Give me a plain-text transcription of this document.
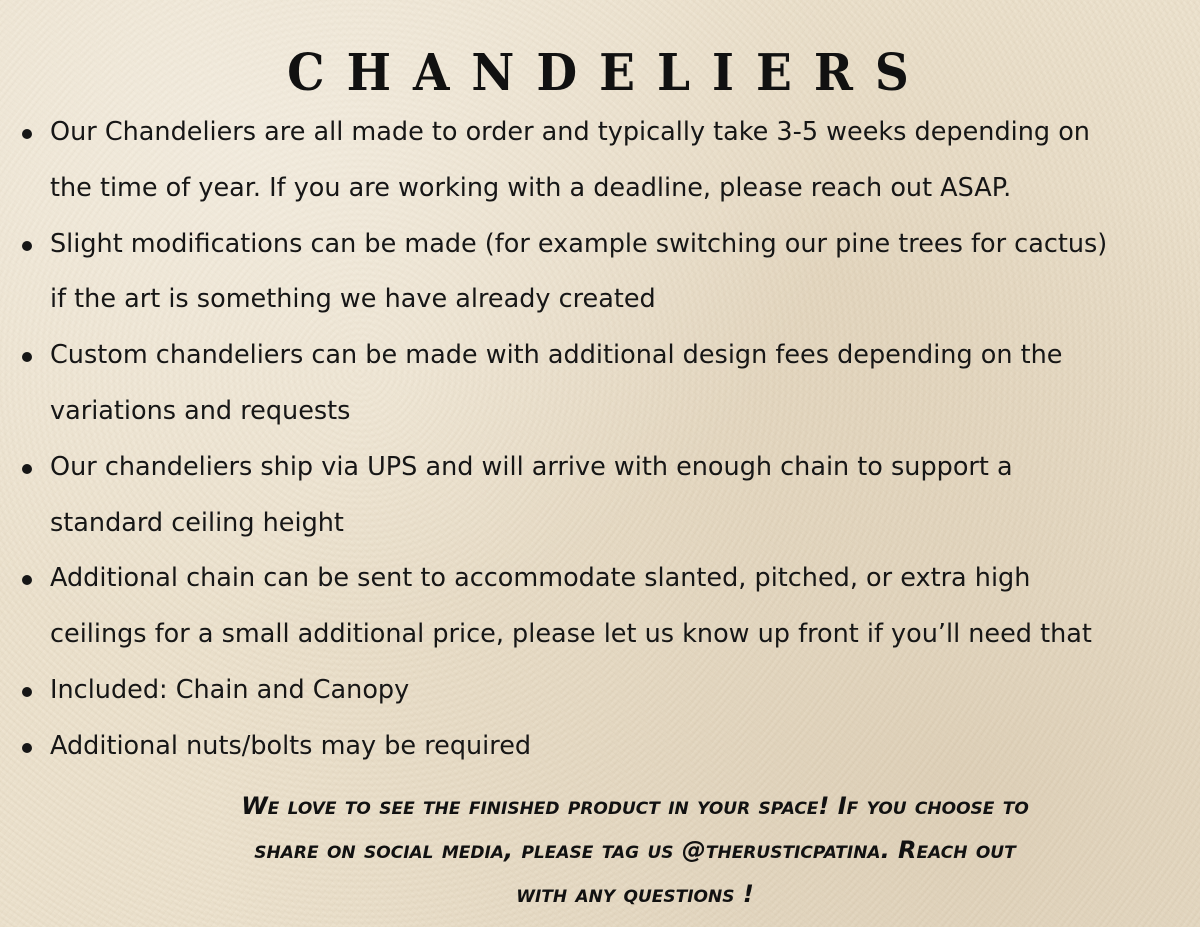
CHANDELIERS
Our Chandeliers are all made to order and typically take 3-5 weeks depending on
the time of year. If you are working with a deadline, please reach out ASAP.
Slight modifications can be made (for example switching our pine trees for cactus)
if the art is something we have already created
Custom chandeliers can be made with additional design fees depending on the
variations and requests
Our chandeliers ship via UPS and will arrive with enough chain to support a
standard ceiling height
Additional chain can be sent to accommodate slanted, pitched, or extra high
ceilings for a small additional price, please let us know up front if you’ll need that
Included: Chain and Canopy
Additional nuts/bolts may be required
We love to see the finished product in your space! If you choose to
share on social media, please tag us @therusticpatina. Reach out
with any questions !
